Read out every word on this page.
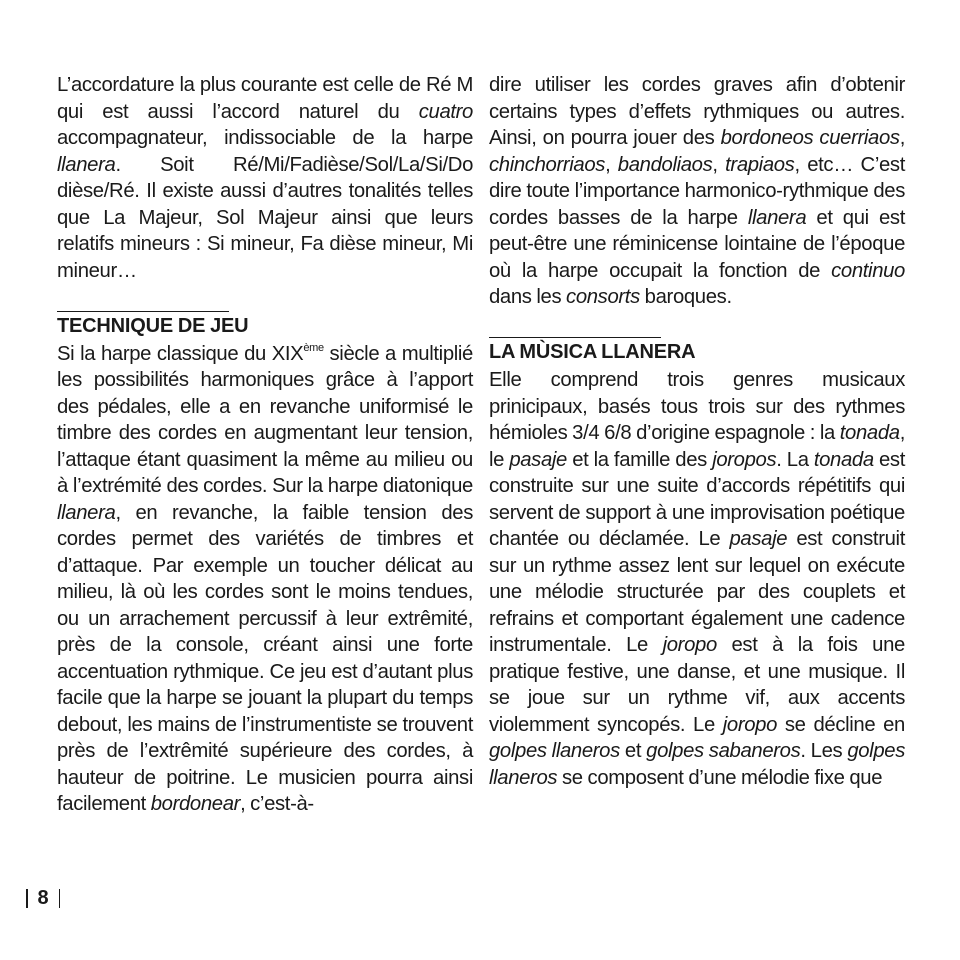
L’accordature la plus courante est celle de Ré M qui est aussi l’accord naturel du cuatro accompagnateur, indissociable de la harpe llanera. Soit Ré/Mi/Fadièse/Sol/La/Si/Do dièse/Ré. Il existe aussi d’autres tonalités telles que La Majeur, Sol Majeur ainsi que leurs relatifs mineurs : Si mineur, Fa dièse mineur, Mi mineur…

TECHNIQUE DE JEU

Si la harpe classique du XIXème siècle a multiplié les possibilités harmoniques grâce à l’apport des pédales, elle a en revanche uniformisé le timbre des cordes en augmentant leur tension, l’attaque étant quasiment la même au milieu ou à l’extrémité des cordes. Sur la harpe diatonique llanera, en revanche, la faible tension des cordes permet des variétés de timbres et d’attaque. Par exemple un toucher délicat au milieu, là où les cordes sont le moins tendues, ou un arrachement percussif à leur extrêmité, près de la console, créant ainsi une forte accentuation rythmique. Ce jeu est d’autant plus facile que la harpe se jouant la plupart du temps debout, les mains de l’instrumentiste se trouvent près de l’extrêmité supérieure des cordes, à hauteur de poitrine. Le musicien pourra ainsi facilement bordonear, c’est-à-

dire utiliser les cordes graves afin d’obtenir certains types d’effets rythmiques ou autres. Ainsi, on pourra jouer des bordoneos cuerriaos, chinchorriaos, bandoliaos, trapiaos, etc… C’est dire toute l’importance harmonico-rythmique des cordes basses de la harpe llanera et qui est peut-être une réminicense lointaine de l’époque où la harpe occupait la fonction de continuo dans les consorts baroques.

LA MÙSICA LLANERA

Elle comprend trois genres musicaux prinicipaux, basés tous trois sur des rythmes hémioles 3/4 6/8 d’origine espagnole : la tonada, le pasaje et la famille des joropos. La tonada est construite sur une suite d’accords répétitifs qui servent de support à une improvisation poétique chantée ou déclamée. Le pasaje est construit sur un rythme assez lent sur lequel on exécute une mélodie structurée par des couplets et refrains et comportant également une cadence instrumentale. Le joropo est à la fois une pratique festive, une danse, et une musique. Il se joue sur un rythme vif, aux accents violemment syncopés. Le joropo se décline en golpes llaneros et golpes sabaneros. Les golpes llaneros se composent d’une mélodie fixe que

8
